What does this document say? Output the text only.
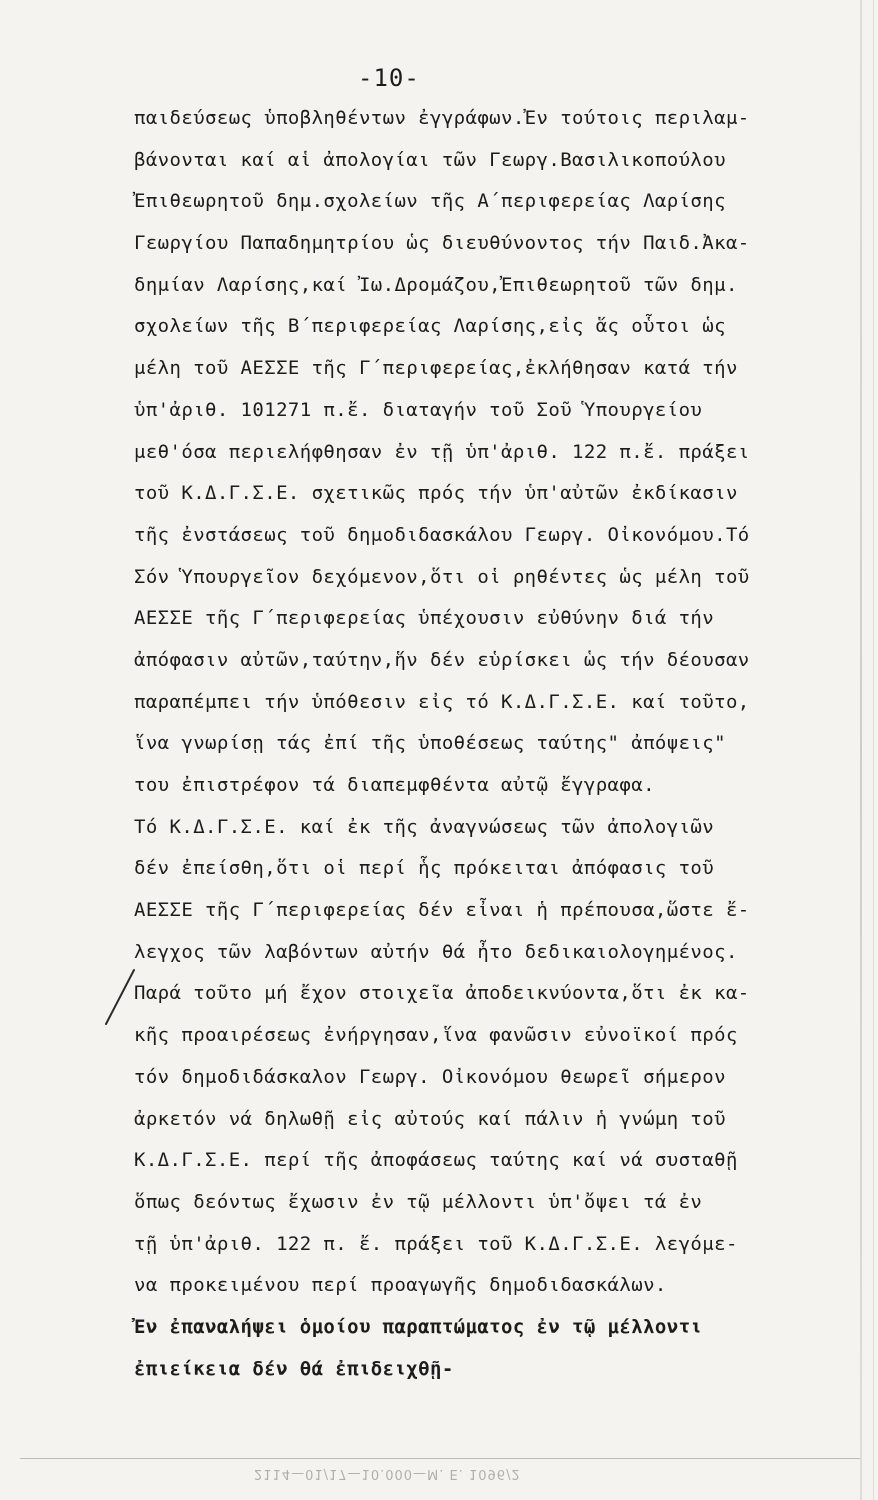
-10-
παιδεύσεως ὑποβληθέντων ἐγγράφων.Ἐν τούτοις περιλαμ-
βάνονται καί αἱ ἀπολογίαι τῶν Γεωργ.Βασιλικοπούλου
Ἐπιθεωρητοῦ δημ.σχολείων τῆς Α΄περιφερείας Λαρίσης
Γεωργίου Παπαδημητρίου ὡς διευθύνοντος τήν Παιδ.Ἀκα-
δημίαν Λαρίσης,καί Ἰω.Δρομάζου,Ἐπιθεωρητοῦ τῶν δημ.
σχολείων τῆς Β΄περιφερείας Λαρίσης,εἰς ἅς οὗτοι ὡς
μέλη τοῦ ΑΕΣΣΕ τῆς Γ΄περιφερείας,ἐκλήθησαν κατά τήν
ὑπ'ἀριθ. 101271 π.ἔ. διαταγήν τοῦ Σοῦ Ὑπουργείου
μεθ'όσα περιελήφθησαν ἐν τῇ ὑπ'ἀριθ. 122 π.ἔ. πράξει
τοῦ Κ.Δ.Γ.Σ.Ε. σχετικῶς πρός τήν ὑπ'αὐτῶν ἐκδίκασιν
τῆς ἐνστάσεως τοῦ δημοδιδασκάλου Γεωργ. Οἰκονόμου.Τό
Σόν Ὑπουργεῖον δεχόμενον,ὅτι οἱ ρηθέντες ὡς μέλη τοῦ
ΑΕΣΣΕ τῆς Γ΄περιφερείας ὑπέχουσιν εὐθύνην διά τήν
ἀπόφασιν αὐτῶν,ταύτην,ἥν δέν εὑρίσκει ὡς τήν δέουσαν
παραπέμπει τήν ὑπόθεσιν εἰς τό Κ.Δ.Γ.Σ.Ε. καί τοῦτο,
ἵνα γνωρίσῃ τάς ἐπί τῆς ὑποθέσεως ταύτης" ἀπόψεις"
του ἐπιστρέφον τά διαπεμφθέντα αὐτῷ ἔγγραφα.
Τό Κ.Δ.Γ.Σ.Ε. καί ἐκ τῆς ἀναγνώσεως τῶν ἀπολογιῶν
δέν ἐπείσθη,ὅτι οἱ περί ἧς πρόκειται ἀπόφασις τοῦ
ΑΕΣΣΕ τῆς Γ΄περιφερείας δέν εἶναι ἡ πρέπουσα,ὥστε ἔ-
λεγχος τῶν λαβόντων αὐτήν θά ἦτο δεδικαιολογημένος.
Παρά τοῦτο μή ἔχον στοιχεῖα ἀποδεικνύοντα,ὅτι ἐκ κα-
κῆς προαιρέσεως ἐνήργησαν,ἵνα φανῶσιν εὐνοϊκοί πρός
τόν δημοδιδάσκαλον Γεωργ. Οἰκονόμου θεωρεῖ σήμερον
ἀρκετόν νά δηλωθῇ εἰς αὐτούς καί πάλιν ἡ γνώμη τοῦ
Κ.Δ.Γ.Σ.Ε. περί τῆς ἀποφάσεως ταύτης καί νά συσταθῇ
ὅπως δεόντως ἔχωσιν ἐν τῷ μέλλοντι ὑπ'ὄψει τά ἐν
τῇ ὑπ'ἀριθ. 122 π. ἔ. πράξει τοῦ Κ.Δ.Γ.Σ.Ε. λεγόμε-
να προκειμένου περί προαγωγῆς δημοδιδασκάλων.
Ἐν ἐπαναλήψει ὁμοίου παραπτώματος ἐν τῷ μέλλοντι
ἐπιείκεια δέν θά ἐπιδειχθῇ-
2114—01/17—10.000—Μ. Ε. 1096/2
